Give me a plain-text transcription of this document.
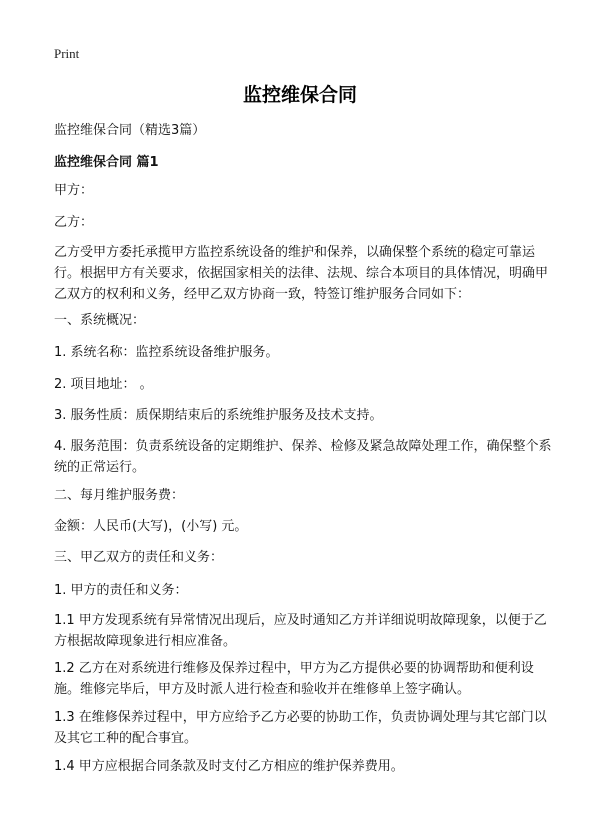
Print
监控维保合同
监控维保合同（精选3篇）
监控维保合同 篇1

甲方：

乙方：

乙方受甲方委托承揽甲方监控系统设备的维护和保养，以确保整个系统的稳定可靠运行。根据甲方有关要求，依据国家相关的法律、法规、综合本项目的具体情况，明确甲乙双方的权利和义务，经甲乙双方协商一致，特签订维护服务合同如下：

一、系统概况：

1. 系统名称：监控系统设备维护服务。

2. 项目地址： 。

3. 服务性质：质保期结束后的系统维护服务及技术支持。

4. 服务范围：负责系统设备的定期维护、保养、检修及紧急故障处理工作，确保整个系统的正常运行。

二、每月维护服务费：

金额：人民币(大写)，(小写) 元。

三、甲乙双方的责任和义务：

1. 甲方的责任和义务：

1.1 甲方发现系统有异常情况出现后，应及时通知乙方并详细说明故障现象，以便于乙方根据故障现象进行相应准备。

1.2 乙方在对系统进行维修及保养过程中，甲方为乙方提供必要的协调帮助和便利设施。维修完毕后，甲方及时派人进行检查和验收并在维修单上签字确认。

1.3 在维修保养过程中，甲方应给予乙方必要的协助工作，负责协调处理与其它部门以及其它工种的配合事宜。

1.4 甲方应根据合同条款及时支付乙方相应的维护保养费用。
